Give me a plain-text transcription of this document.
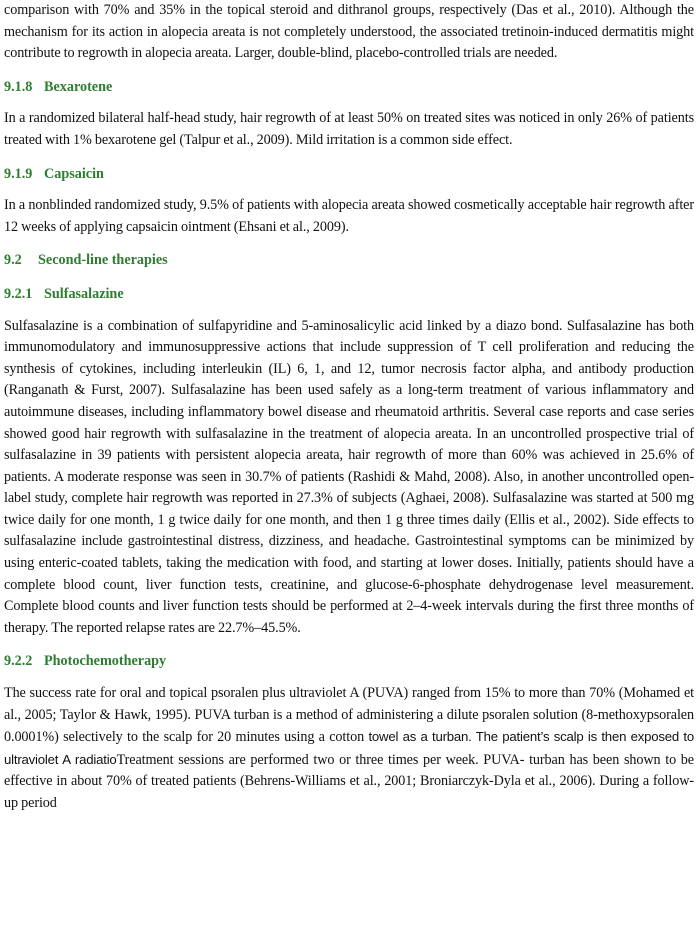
comparison with 70% and 35% in the topical steroid and dithranol groups, respectively (Das et al., 2010). Although the mechanism for its action in alopecia areata is not completely understood, the associated tretinoin-induced dermatitis might contribute to regrowth in alopecia areata. Larger, double-blind, placebo-controlled trials are needed.

9.1.8 Bexarotene

In a randomized bilateral half-head study, hair regrowth of at least 50% on treated sites was noticed in only 26% of patients treated with 1% bexarotene gel (Talpur et al., 2009). Mild irritation is a common side effect.

9.1.9 Capsaicin

In a nonblinded randomized study, 9.5% of patients with alopecia areata showed cosmetically acceptable hair regrowth after 12 weeks of applying capsaicin ointment (Ehsani et al., 2009).

9.2 Second-line therapies
9.2.1 Sulfasalazine

Sulfasalazine is a combination of sulfapyridine and 5-aminosalicylic acid linked by a diazo bond. Sulfasalazine has both immunomodulatory and immunosuppressive actions that include suppression of T cell proliferation and reducing the synthesis of cytokines, including interleukin (IL) 6, 1, and 12, tumor necrosis factor alpha, and antibody production (Ranganath & Furst, 2007). Sulfasalazine has been used safely as a long-term treatment of various inflammatory and autoimmune diseases, including inflammatory bowel disease and rheumatoid arthritis. Several case reports and case series showed good hair regrowth with sulfasalazine in the treatment of alopecia areata. In an uncontrolled prospective trial of sulfasalazine in 39 patients with persistent alopecia areata, hair regrowth of more than 60% was achieved in 25.6% of patients. A moderate response was seen in 30.7% of patients (Rashidi & Mahd, 2008). Also, in another uncontrolled open-label study, complete hair regrowth was reported in 27.3% of subjects (Aghaei, 2008). Sulfasalazine was started at 500 mg twice daily for one month, 1 g twice daily for one month, and then 1 g three times daily (Ellis et al., 2002). Side effects to sulfasalazine include gastrointestinal distress, dizziness, and headache. Gastrointestinal symptoms can be minimized by using enteric-coated tablets, taking the medication with food, and starting at lower doses. Initially, patients should have a complete blood count, liver function tests, creatinine, and glucose-6-phosphate dehydrogenase level measurement. Complete blood counts and liver function tests should be performed at 2–4-week intervals during the first three months of therapy. The reported relapse rates are 22.7%–45.5%.

9.2.2 Photochemotherapy

The success rate for oral and topical psoralen plus ultraviolet A (PUVA) ranged from 15% to more than 70% (Mohamed et al., 2005; Taylor & Hawk, 1995). PUVA turban is a method of administering a dilute psoralen solution (8-methoxypsoralen 0.0001%) selectively to the scalp for 20 minutes using a cotton towel as a turban. The patient’s scalp is then exposed to ultraviolet A radiatioTreatment sessions are performed two or three times per week. PUVA- turban has been shown to be effective in about 70% of treated patients (Behrens-Williams et al., 2001; Broniarczyk-Dyla et al., 2006). During a follow-up period
